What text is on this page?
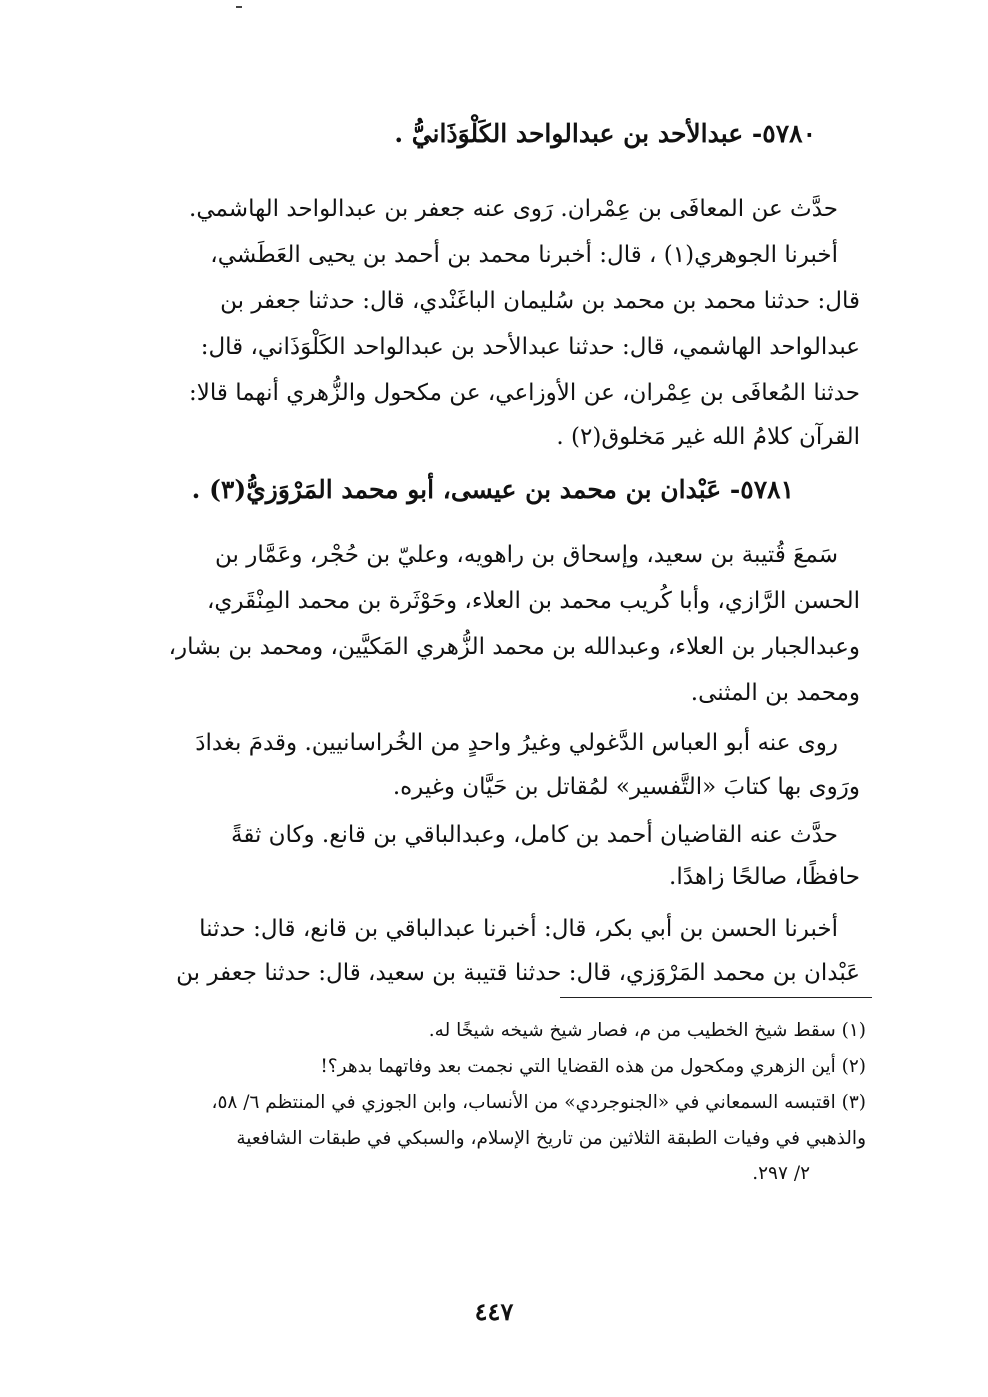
٥٧٨٠- عبدالأحد بن عبدالواحد الكَلْوَذَانيُّ .
حدَّث عن المعافَى بن عِمْران. رَوى عنه جعفر بن عبدالواحد الهاشمي.
أخبرنا الجوهري(١) ، قال: أخبرنا محمد بن أحمد بن يحيى العَطَشي،
قال: حدثنا محمد بن محمد بن سُليمان الباغَنْدي، قال: حدثنا جعفر بن
عبدالواحد الهاشمي، قال: حدثنا عبدالأحد بن عبدالواحد الكَلْوَذَاني، قال:
حدثنا المُعافَى بن عِمْران، عن الأوزاعي، عن مكحول والزُّهري أنهما قالا:
القرآن كلامُ الله غير مَخلوق(٢) .
٥٧٨١- عَبْدان بن محمد بن عيسى، أبو محمد المَرْوَزيُّ(٣) .
سَمعَ قُتيبة بن سعيد، وإسحاق بن راهويه، وعليّ بن حُجْر، وعَمَّار بن
الحسن الرَّازي، وأبا كُريب محمد بن العلاء، وحَوْثَرة بن محمد المِنْقَري،
وعبدالجبار بن العلاء، وعبدالله بن محمد الزُّهري المَكيَّين، ومحمد بن بشار،
ومحمد بن المثنى.
روى عنه أبو العباس الدَّغولي وغيرُ واحدٍ من الخُراسانيين. وقدمَ بغدادَ
ورَوى بها كتابَ «التَّفسير» لمُقاتل بن حَيَّان وغيره.
حدَّث عنه القاضيان أحمد بن كامل، وعبدالباقي بن قانع. وكان ثقةً
حافظًا، صالحًا زاهدًا.
أخبرنا الحسن بن أبي بكر، قال: أخبرنا عبدالباقي بن قانع، قال: حدثنا
عَبْدان بن محمد المَرْوَزي، قال: حدثنا قتيبة بن سعيد، قال: حدثنا جعفر بن
(١) سقط شيخ الخطيب من م، فصار شيخ شيخه شيخًا له.
(٢) أين الزهري ومكحول من هذه القضايا التي نجمت بعد وفاتهما بدهر؟!
(٣) اقتبسه السمعاني في «الجنوجردي» من الأنساب، وابن الجوزي في المنتظم ٦/ ٥٨،
والذهبي في وفيات الطبقة الثلاثين من تاريخ الإسلام، والسبكي في طبقات الشافعية
٢/ ٢٩٧.
٤٤٧
